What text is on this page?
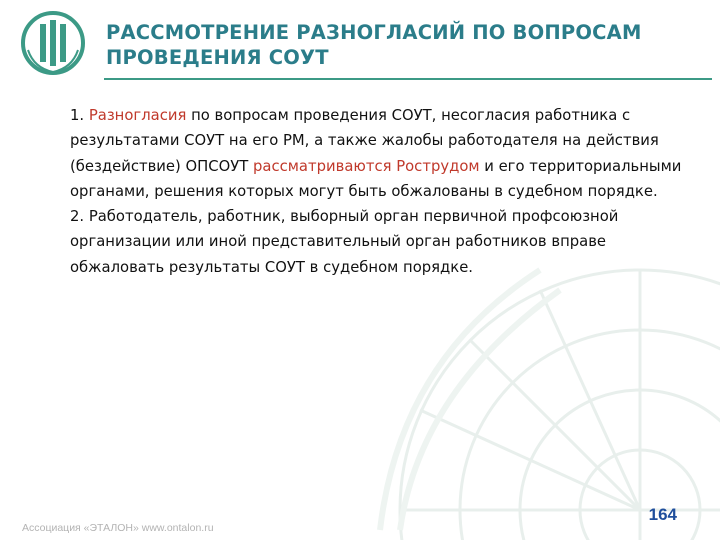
РАССМОТРЕНИЕ РАЗНОГЛАСИЙ ПО ВОПРОСАМ
ПРОВЕДЕНИЯ СОУТ

1. Разногласия по вопросам проведения СОУТ, несогласия работника с результатами СОУТ на его РМ, а также жалобы работодателя на действия (бездействие) ОПСОУТ рассматриваются Рострудом и его территориальными органами, решения которых могут быть обжалованы в судебном порядке.

2. Работодатель, работник, выборный орган первичной профсоюзной организации или иной представительный орган работников вправе обжаловать результаты СОУТ в судебном порядке.

Ассоциация «ЭТАЛОН» www.ontalon.ru
164
